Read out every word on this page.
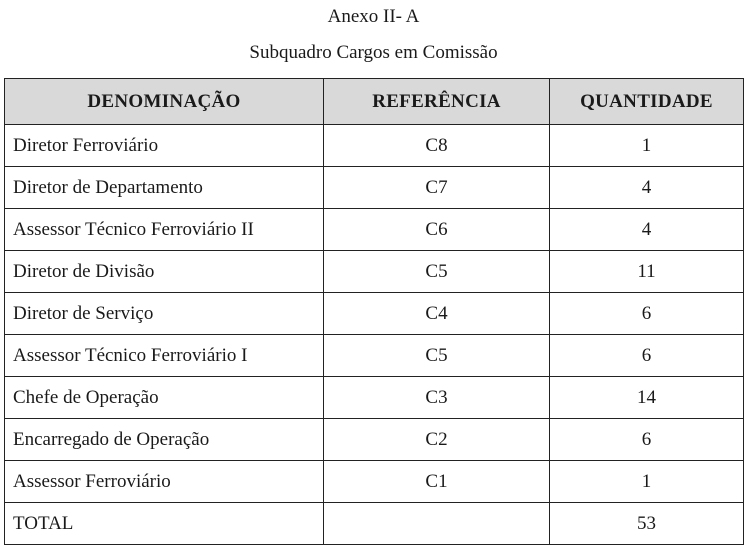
Anexo II- A
Subquadro Cargos em Comissão
DENOMINAÇÃO	REFERÊNCIA	QUANTIDADE
Diretor Ferroviário	C8	1
Diretor de Departamento	C7	4
Assessor Técnico Ferroviário II	C6	4
Diretor de Divisão	C5	11
Diretor de Serviço	C4	6
Assessor Técnico Ferroviário I	C5	6
Chefe de Operação	C3	14
Encarregado de Operação	C2	6
Assessor Ferroviário	C1	1
TOTAL		53
